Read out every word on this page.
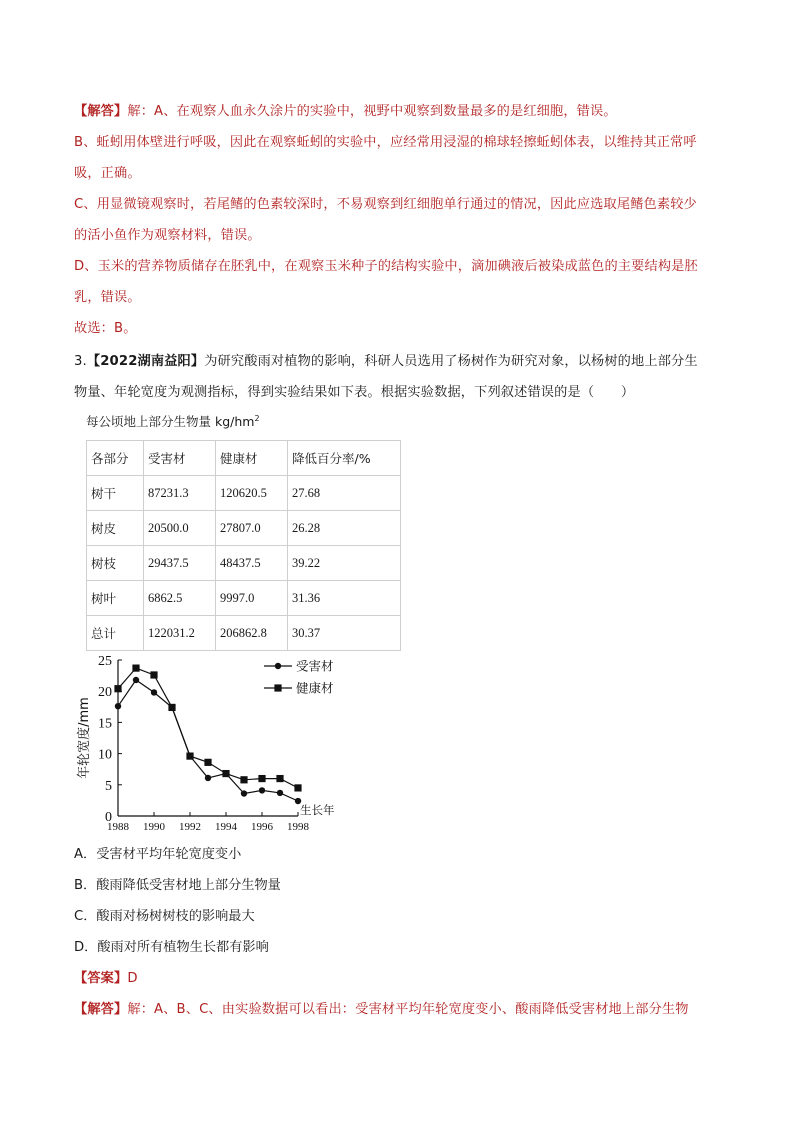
【解答】解：A、在观察人血永久涂片的实验中，视野中观察到数量最多的是红细胞，错误。
B、蚯蚓用体壁进行呼吸，因此在观察蚯蚓的实验中，应经常用浸湿的棉球轻擦蚯蚓体表，以维持其正常呼
吸，正确。
C、用显微镜观察时，若尾鳍的色素较深时，不易观察到红细胞单行通过的情况，因此应选取尾鳍色素较少
的活小鱼作为观察材料，错误。
D、玉米的营养物质储存在胚乳中，在观察玉米种子的结构实验中，滴加碘液后被染成蓝色的主要结构是胚
乳，错误。
故选：B。
3.【2022湖南益阳】为研究酸雨对植物的影响，科研人员选用了杨树作为研究对象，以杨树的地上部分生
物量、年轮宽度为观测指标，得到实验结果如下表。根据实验数据，下列叙述错误的是（　　）
每公顷地上部分生物量 $kg/hm^2$
各部分	受害材	健康材	降低百分率/%
树干	87231.3	120620.5	27.68
树皮	20500.0	27807.0	26.28
树枝	29437.5	48437.5	39.22
树叶	6862.5	9997.0	31.36
总计	122031.2	206862.8	30.37
0
5
10
15
20
25
1988 1990 1992 1994 1996 1998
生长年
年轮宽度/mm
受害材
健康材
A．受害材平均年轮宽度变小
B．酸雨降低受害材地上部分生物量
C．酸雨对杨树树枝的影响最大
D．酸雨对所有植物生长都有影响
【答案】D
【解答】解：A、B、C、由实验数据可以看出：受害材平均年轮宽度变小、酸雨降低受害材地上部分生物
